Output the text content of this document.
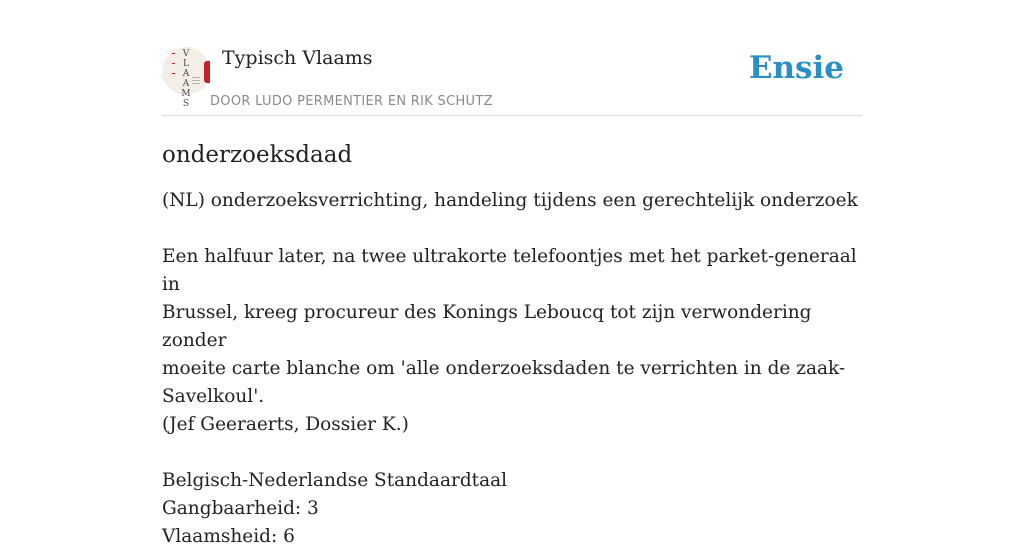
V
L
A
A
M
S
Typisch Vlaams
DOOR LUDO PERMENTIER EN RIK SCHUTZ
Ensie
onderzoeksdaad

(NL) onderzoeksverrichting, handeling tijdens een gerechtelijk onderzoek

Een halfuur later, na twee ultrakorte telefoontjes met het parket-generaal in

Brussel, kreeg procureur des Konings Leboucq tot zijn verwondering zonder

moeite carte blanche om 'alle onderzoeksdaden te verrichten in de zaak-

Savelkoul'.

(Jef Geeraerts, Dossier K.)

Belgisch-Nederlandse Standaardtaal

Gangbaarheid: 3

Vlaamsheid: 6
